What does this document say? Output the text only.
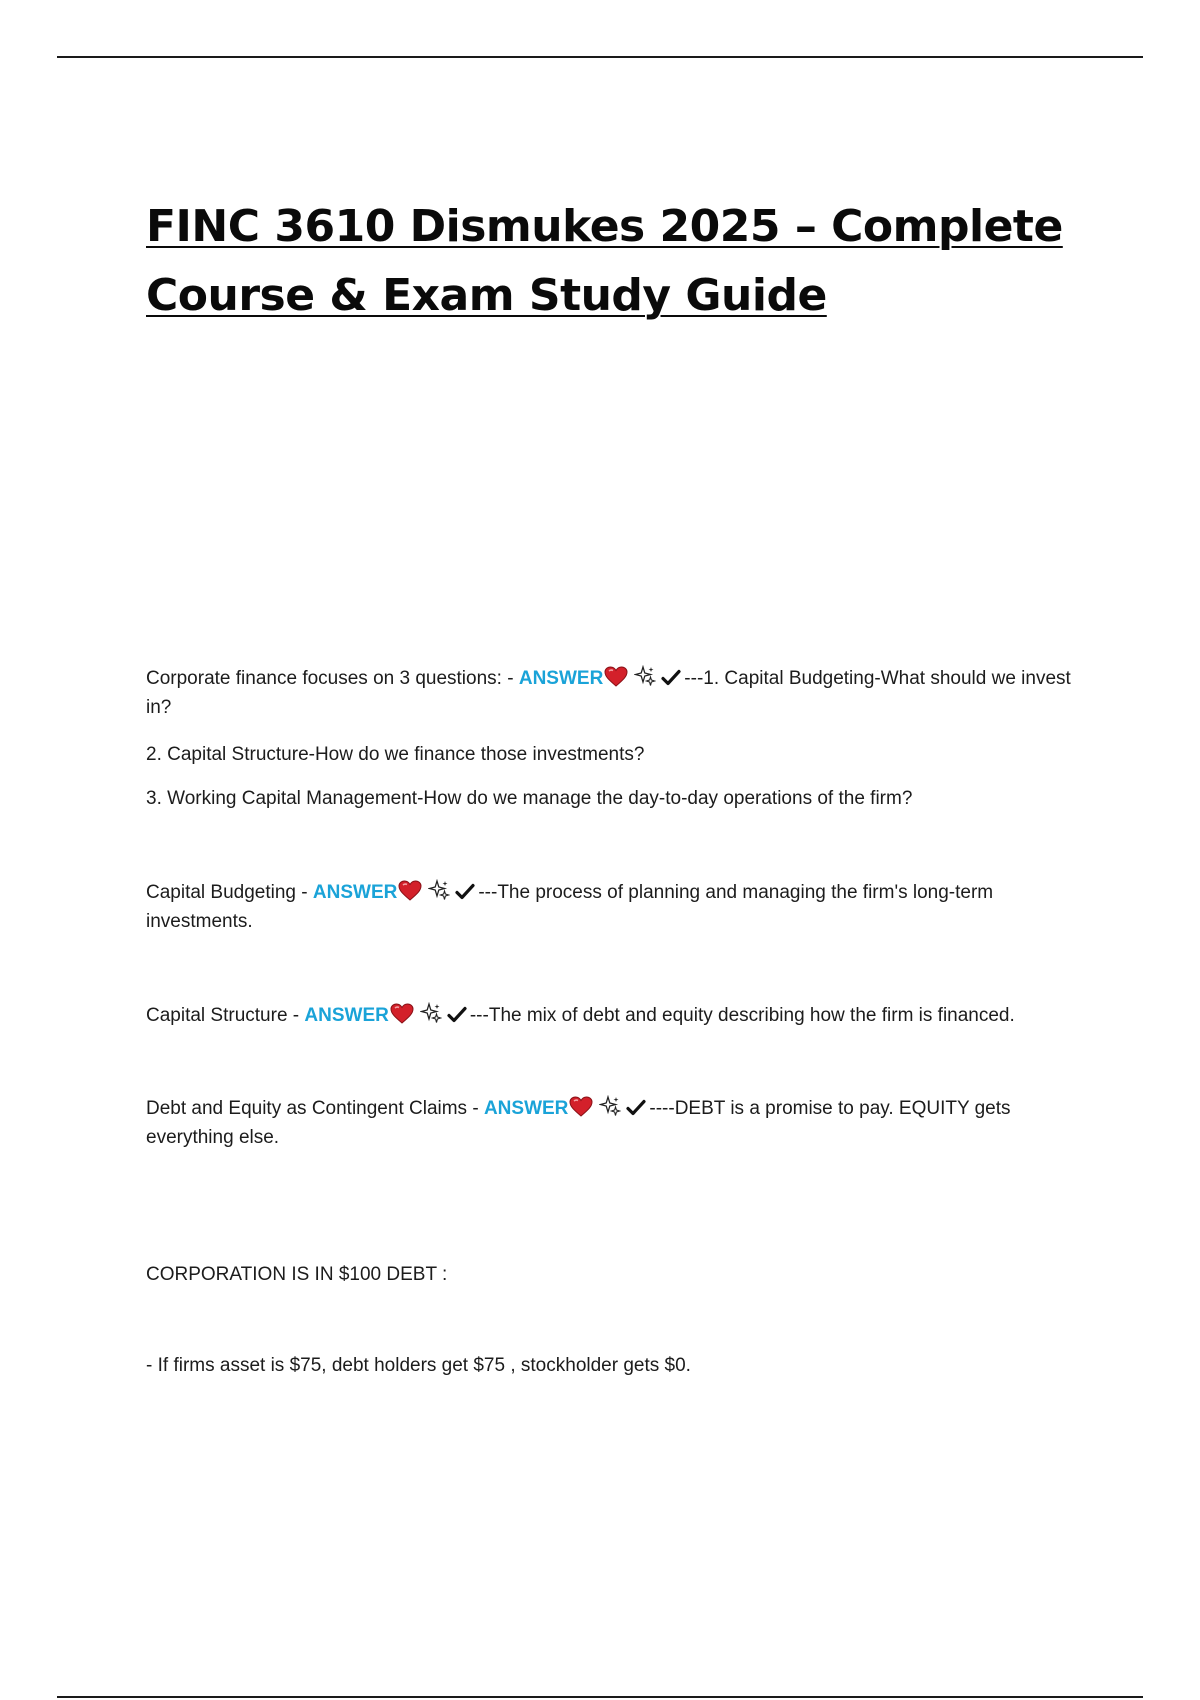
FINC 3610 Dismukes 2025 – Complete
Course & Exam Study Guide

Corporate finance focuses on 3 questions: - ANSWER	---1. Capital Budgeting-What should we invest in?

2. Capital Structure-How do we finance those investments?

3. Working Capital Management-How do we manage the day-to-day operations of the firm?

Capital Budgeting - ANSWER	---The process of planning and managing the firm's long-term investments.

Capital Structure - ANSWER	---The mix of debt and equity describing how the firm is financed.

Debt and Equity as Contingent Claims - ANSWER	----DEBT is a promise to pay. EQUITY gets everything else.

CORPORATION IS IN $100 DEBT :

- If firms asset is $75, debt holders get $75 , stockholder gets $0.
